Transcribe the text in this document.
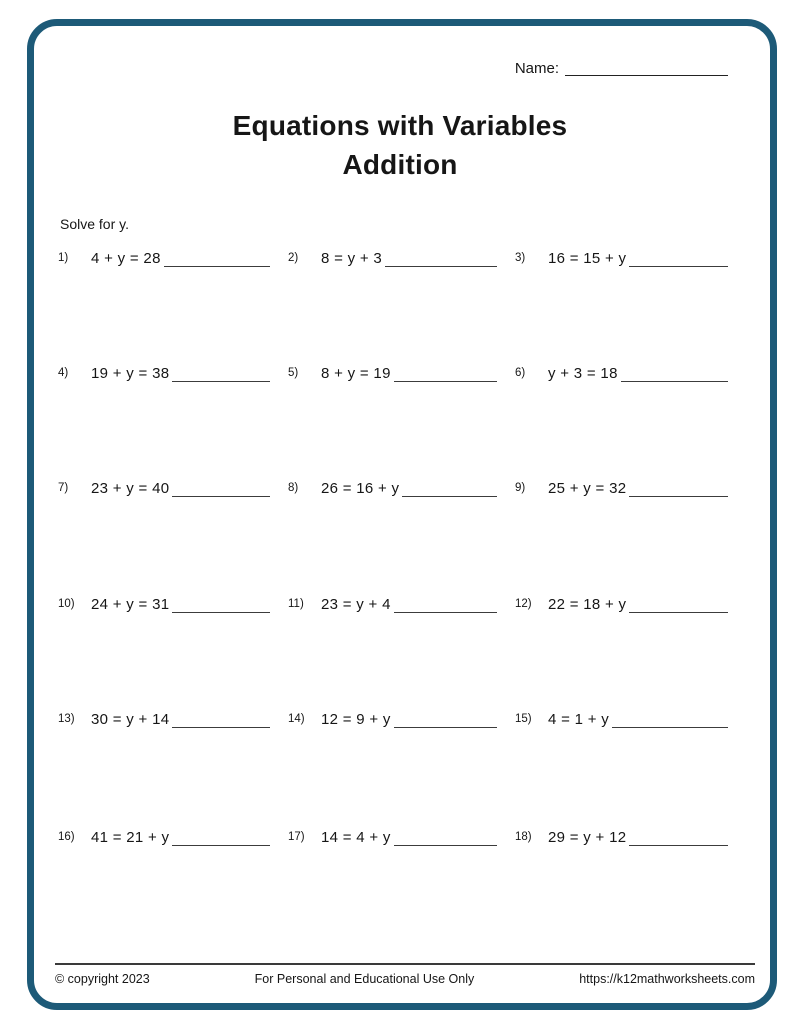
Name:
Equations with Variables
Addition
Solve for y.
1)	4 + y = 28	2)	8 = y + 3	3)	16 = 15 + y
4)	19 + y = 38	5)	8 + y = 19	6)	y + 3 = 18
7)	23 + y = 40	8)	26 = 16 + y	9)	25 + y = 32
10)	24 + y = 31	11)	23 = y + 4	12)	22 = 18 + y
13)	30 = y + 14	14)	12 = 9 + y	15)	4 = 1 + y
16)	41 = 21 + y	17)	14 = 4 + y	18)	29 = y + 12
© copyright 2023	For Personal and Educational Use Only	https://k12mathworksheets.com
